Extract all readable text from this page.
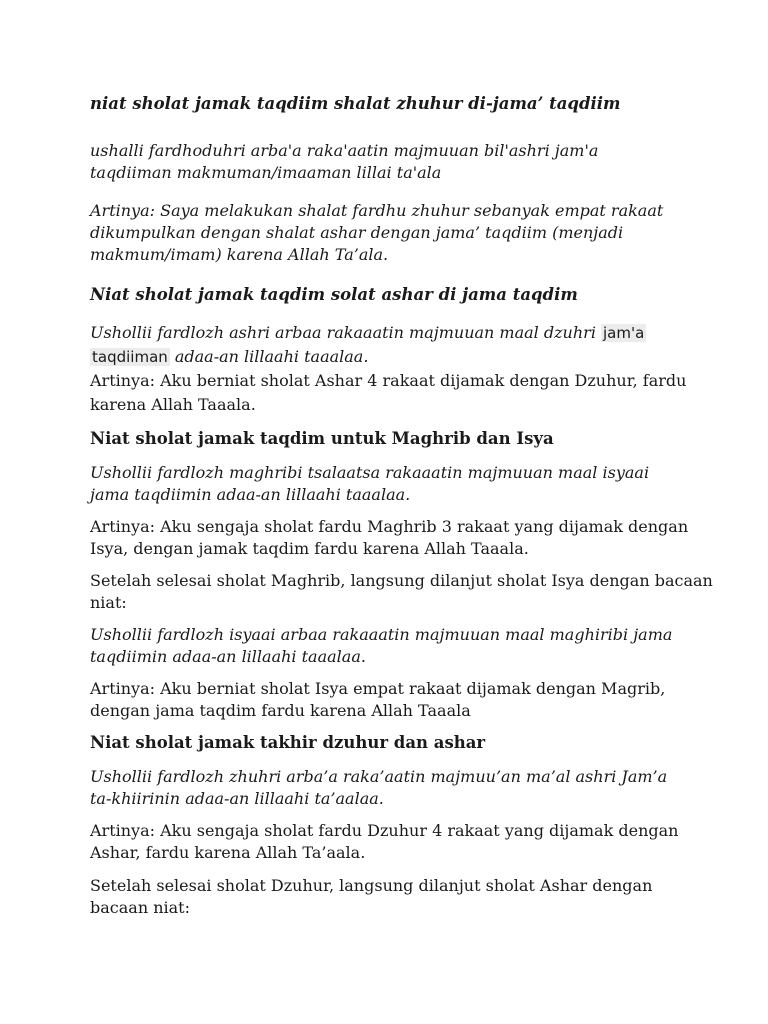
niat sholat jamak taqdiim shalat zhuhur di-jama’ taqdiim

ushalli fardhoduhri arba'a raka'aatin majmuuan bil'ashri jam'a
taqdiiman makmuman/imaaman lillai ta'ala

Artinya: Saya melakukan shalat fardhu zhuhur sebanyak empat rakaat
dikumpulkan dengan shalat ashar dengan jama’ taqdiim (menjadi
makmum/imam) karena Allah Ta’ala.

Niat sholat jamak taqdim solat ashar di jama taqdim

Ushollii fardlozh ashri arbaa rakaaatin majmuuan maal dzuhri jam'a
taqdiiman adaa-an lillaahi taaalaa.

Artinya: Aku berniat sholat Ashar 4 rakaat dijamak dengan Dzuhur, fardu
karena Allah Taaala.

Niat sholat jamak taqdim untuk Maghrib dan Isya

Ushollii fardlozh maghribi tsalaatsa rakaaatin majmuuan maal isyaai
jama taqdiimin adaa-an lillaahi taaalaa.

Artinya: Aku sengaja sholat fardu Maghrib 3 rakaat yang dijamak dengan
Isya, dengan jamak taqdim fardu karena Allah Taaala.

Setelah selesai sholat Maghrib, langsung dilanjut sholat Isya dengan bacaan
niat:

Ushollii fardlozh isyaai arbaa rakaaatin majmuuan maal maghiribi jama
taqdiimin adaa-an lillaahi taaalaa.

Artinya: Aku berniat sholat Isya empat rakaat dijamak dengan Magrib,
dengan jama taqdim fardu karena Allah Taaala

Niat sholat jamak takhir dzuhur dan ashar

Ushollii fardlozh zhuhri arba’a raka’aatin majmuu’an ma’al ashri Jam’a
ta-khiirinin adaa-an lillaahi ta’aalaa.

Artinya: Aku sengaja sholat fardu Dzuhur 4 rakaat yang dijamak dengan
Ashar, fardu karena Allah Ta’aala.

Setelah selesai sholat Dzuhur, langsung dilanjut sholat Ashar dengan
bacaan niat:
